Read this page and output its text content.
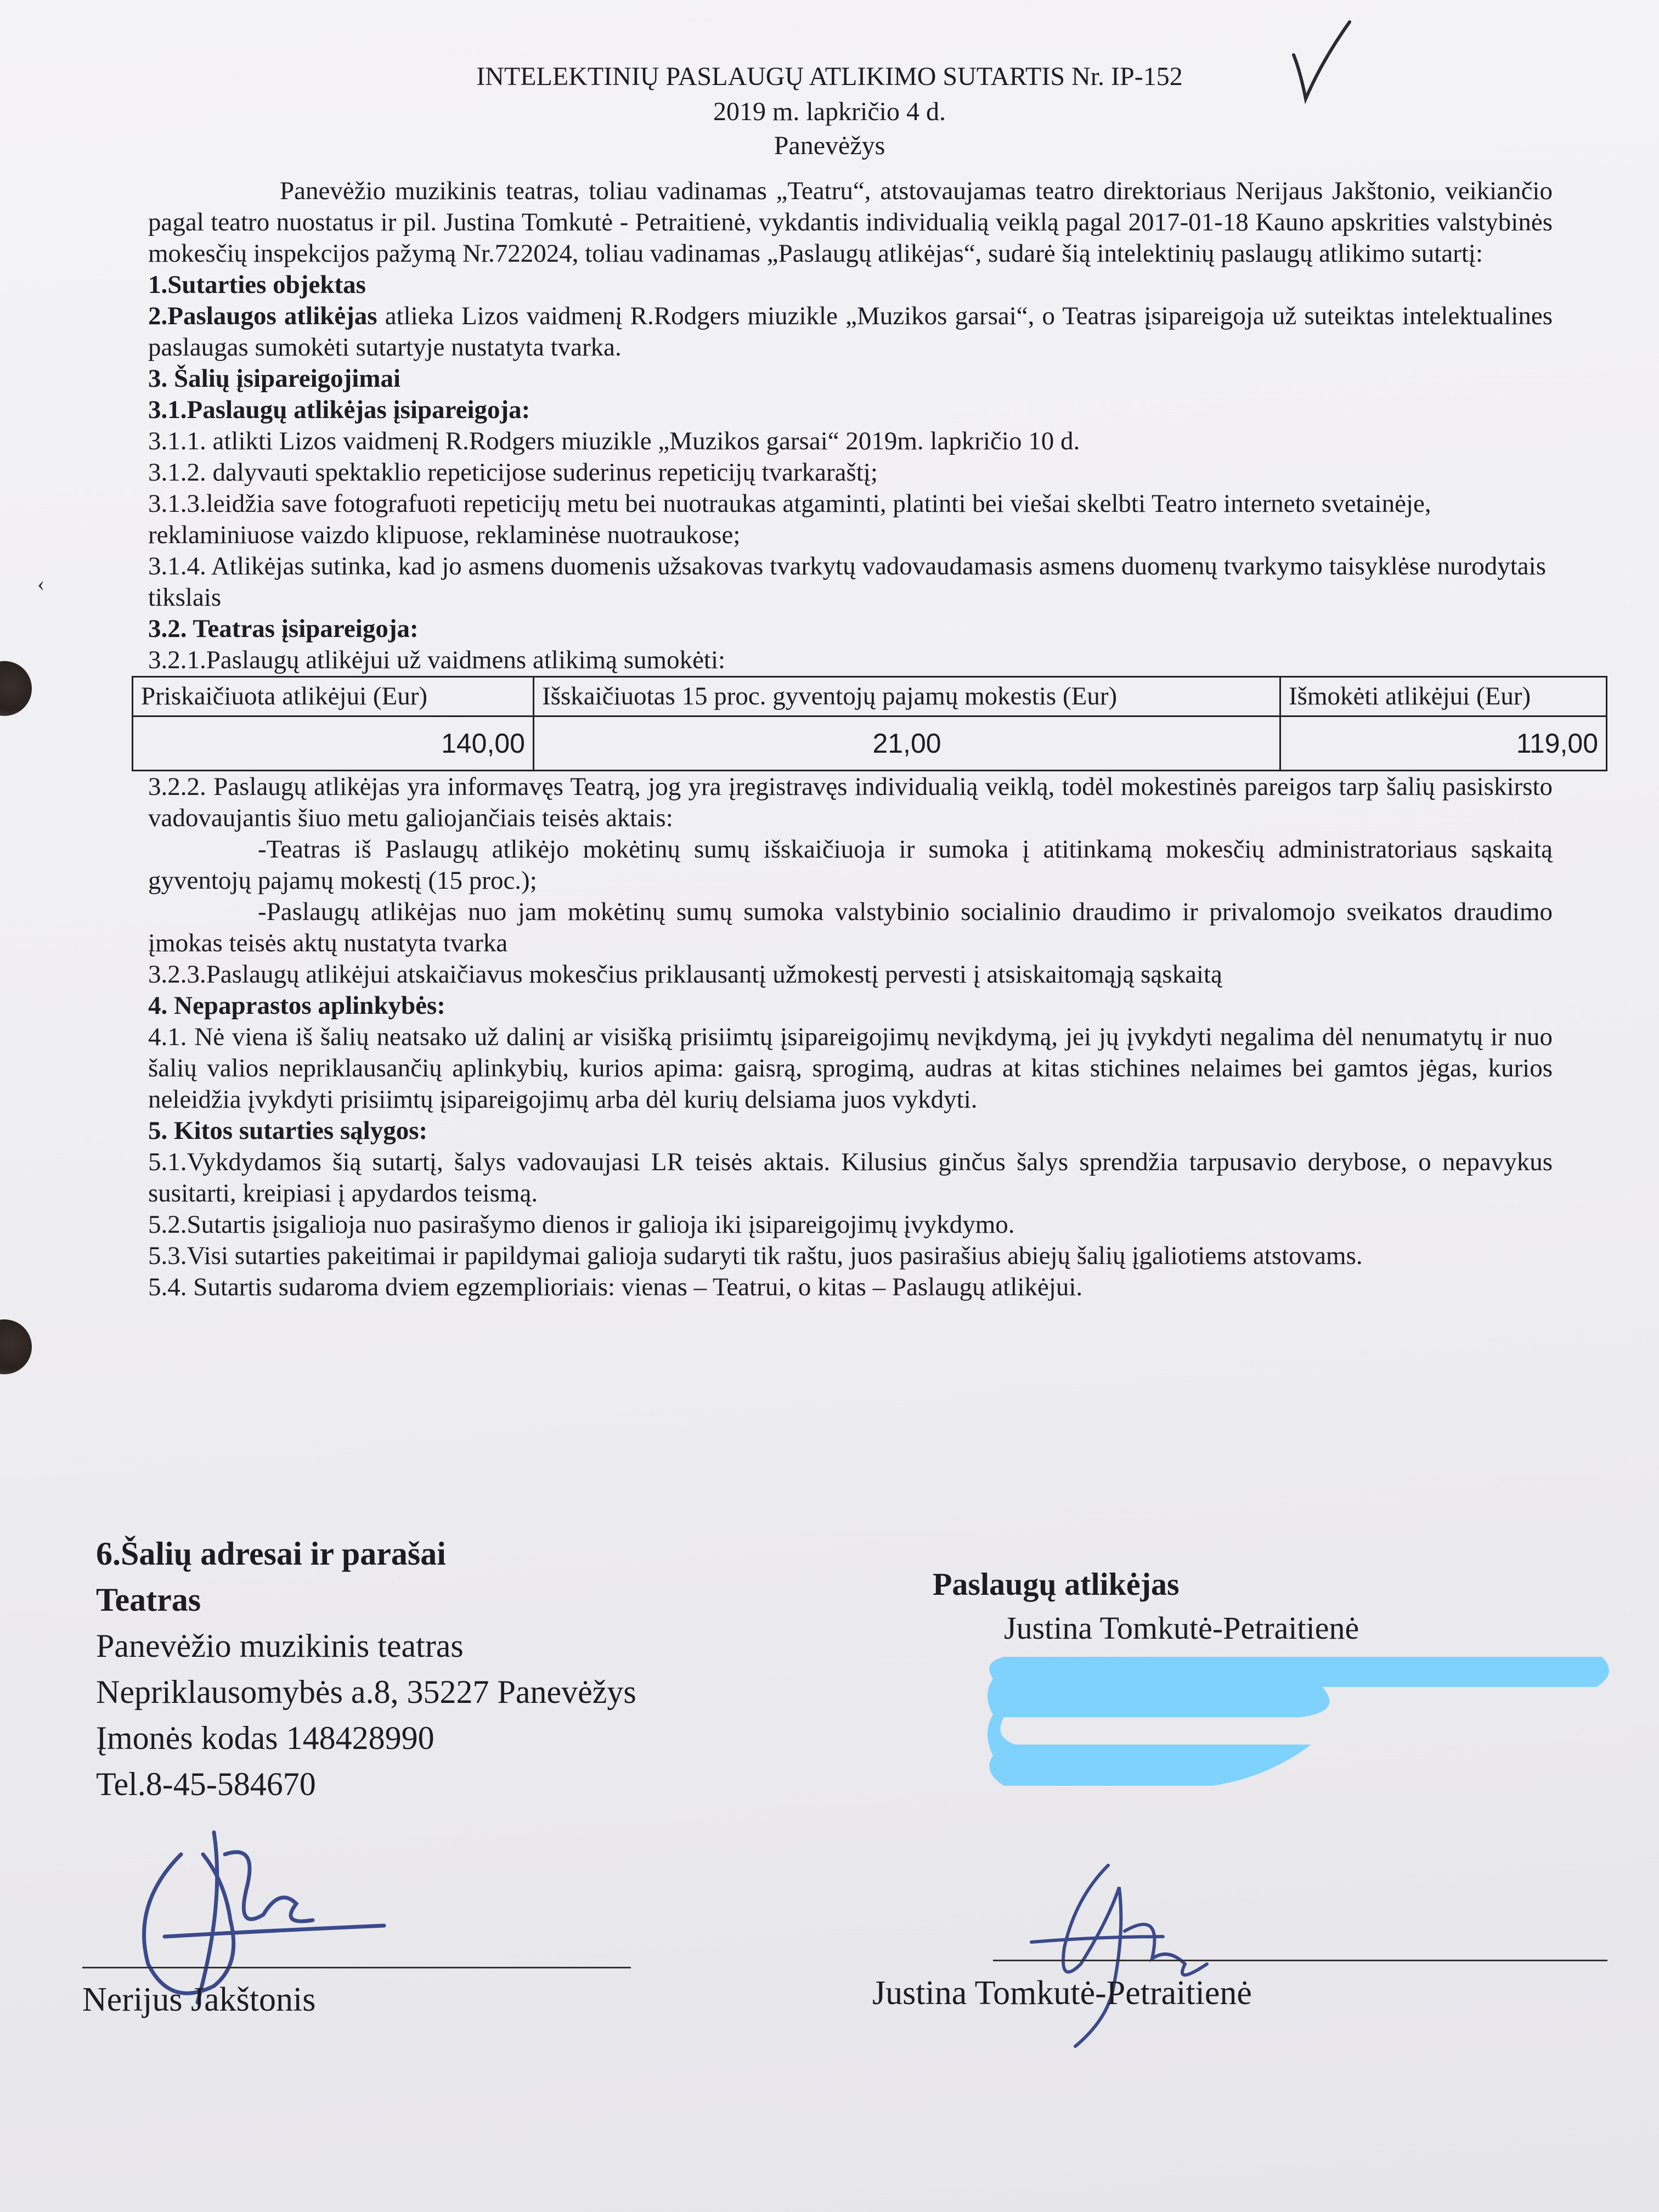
‹
INTELEKTINIŲ PASLAUGŲ ATLIKIMO SUTARTIS Nr. IP-152
2019 m. lapkričio 4 d.
Panevėžys

Panevėžio muzikinis teatras, toliau vadinamas „Teatru“, atstovaujamas teatro direktoriaus Nerijaus Jakštonio, veikiančio pagal teatro nuostatus ir pil. Justina Tomkutė - Petraitienė, vykdantis individualią veiklą pagal 2017-01-18 Kauno apskrities valstybinės mokesčių inspekcijos pažymą Nr.722024, toliau vadinamas „Paslaugų atlikėjas“, sudarė šią intelektinių paslaugų atlikimo sutartį:

1.Sutarties objektas

2.Paslaugos atlikėjas atlieka Lizos vaidmenį R.Rodgers miuzikle „Muzikos garsai“, o Teatras įsipareigoja už suteiktas intelektualines paslaugas sumokėti sutartyje nustatyta tvarka.

3. Šalių įsipareigojimai

3.1.Paslaugų atlikėjas įsipareigoja:

3.1.1. atlikti Lizos vaidmenį R.Rodgers miuzikle „Muzikos garsai“ 2019m. lapkričio 10 d.

3.1.2. dalyvauti spektaklio repeticijose suderinus repeticijų tvarkaraštį;

3.1.3.leidžia save fotografuoti repeticijų metu bei nuotraukas atgaminti, platinti bei viešai skelbti Teatro interneto svetainėje, reklaminiuose vaizdo klipuose, reklaminėse nuotraukose;

3.1.4. Atlikėjas sutinka, kad jo asmens duomenis užsakovas tvarkytų vadovaudamasis asmens duomenų tvarkymo taisyklėse nurodytais tikslais

3.2. Teatras įsipareigoja:

3.2.1.Paslaugų atlikėjui už vaidmens atlikimą sumokėti:

Priskaičiuota atlikėjui (Eur)	Išskaičiuotas 15 proc. gyventojų pajamų mokestis (Eur)	Išmokėti atlikėjui (Eur)
140,00	21,00	119,00

3.2.2. Paslaugų atlikėjas yra informavęs Teatrą, jog yra įregistravęs individualią veiklą, todėl mokestinės pareigos tarp šalių pasiskirsto vadovaujantis šiuo metu galiojančiais teisės aktais:

-Teatras iš Paslaugų atlikėjo mokėtinų sumų išskaičiuoja ir sumoka į atitinkamą mokesčių administratoriaus sąskaitą gyventojų pajamų mokestį (15 proc.);

-Paslaugų atlikėjas nuo jam mokėtinų sumų sumoka valstybinio socialinio draudimo ir privalomojo sveikatos draudimo įmokas teisės aktų nustatyta tvarka

3.2.3.Paslaugų atlikėjui atskaičiavus mokesčius priklausantį užmokestį pervesti į atsiskaitomąją sąskaitą

4. Nepaprastos aplinkybės:

4.1. Nė viena iš šalių neatsako už dalinį ar visišką prisiimtų įsipareigojimų nevįkdymą, jei jų įvykdyti negalima dėl nenumatytų ir nuo šalių valios nepriklausančių aplinkybių, kurios apima: gaisrą, sprogimą, audras at kitas stichines nelaimes bei gamtos jėgas, kurios neleidžia įvykdyti prisiimtų įsipareigojimų arba dėl kurių delsiama juos vykdyti.

5. Kitos sutarties sąlygos:

5.1.Vykdydamos šią sutartį, šalys vadovaujasi LR teisės aktais. Kilusius ginčus šalys sprendžia tarpusavio derybose, o nepavykus susitarti, kreipiasi į apydardos teismą.

5.2.Sutartis įsigalioja nuo pasirašymo dienos ir galioja iki įsipareigojimų įvykdymo.

5.3.Visi sutarties pakeitimai ir papildymai galioja sudaryti tik raštu, juos pasirašius abiejų šalių įgaliotiems atstovams.

5.4. Sutartis sudaroma dviem egzemplioriais: vienas – Teatrui, o kitas – Paslaugų atlikėjui.

6.Šalių adresai ir parašai
Teatras
Panevėžio muzikinis teatras
Nepriklausomybės a.8, 35227 Panevėžys
Įmonės kodas 148428990
Tel.8-45-584670
Paslaugų atlikėjas
Justina Tomkutė-Petraitienė
Nerijus Jakštonis	Justina Tomkutė-Petraitienė
